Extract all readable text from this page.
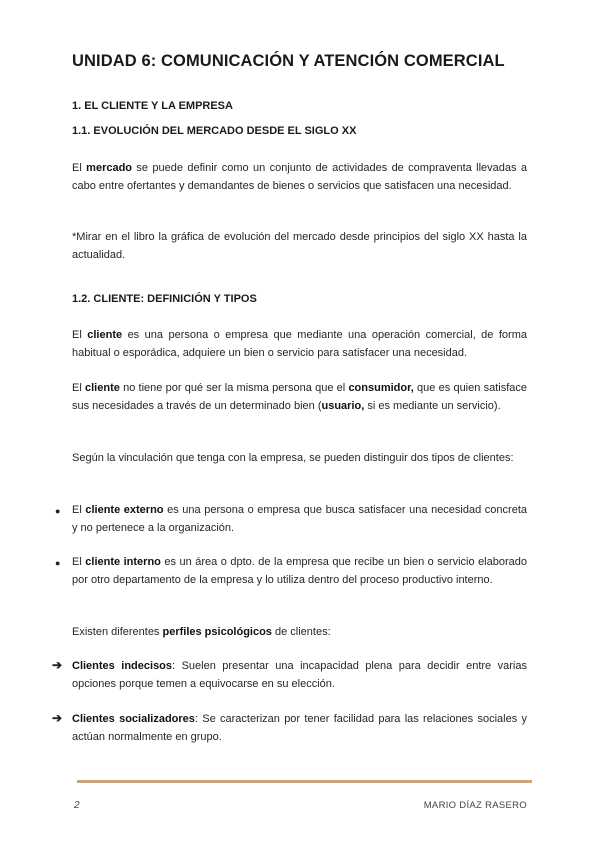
UNIDAD 6: COMUNICACIÓN Y ATENCIÓN COMERCIAL
1. EL CLIENTE Y LA EMPRESA
1.1. EVOLUCIÓN DEL MERCADO DESDE EL SIGLO XX
El mercado se puede definir como un conjunto de actividades de compraventa llevadas a cabo entre ofertantes y demandantes de bienes o servicios que satisfacen una necesidad.
*Mirar en el libro la gráfica de evolución del mercado desde principios del siglo XX hasta la actualidad.
1.2. CLIENTE: DEFINICIÓN Y TIPOS
El cliente es una persona o empresa que mediante una operación comercial, de forma habitual o esporádica, adquiere un bien o servicio para satisfacer una necesidad.
El cliente no tiene por qué ser la misma persona que el consumidor, que es quien satisface sus necesidades a través de un determinado bien (usuario, si es mediante un servicio).
Según la vinculación que tenga con la empresa, se pueden distinguir dos tipos de clientes:
● El cliente externo es una persona o empresa que busca satisfacer una necesidad concreta y no pertenece a la organización.
● El cliente interno es un área o dpto. de la empresa que recibe un bien o servicio elaborado por otro departamento de la empresa y lo utiliza dentro del proceso productivo interno.
Existen diferentes perfiles psicológicos de clientes:
➔ Clientes indecisos: Suelen presentar una incapacidad plena para decidir entre varias opciones porque temen a equivocarse en su elección.
➔ Clientes socializadores: Se caracterizan por tener facilidad para las relaciones sociales y actúan normalmente en grupo.
2	MARIO DÍAZ RASERO
